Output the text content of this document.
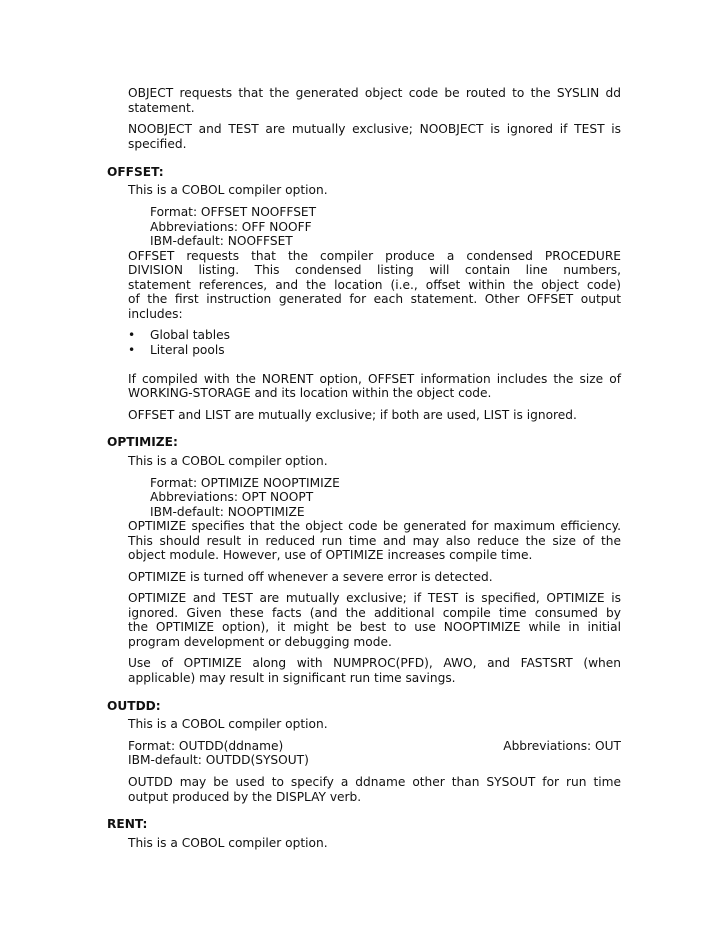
OBJECT requests that the generated object code be routed to the SYSLIN dd
statement.
NOOBJECT and TEST are mutually exclusive; NOOBJECT is ignored if TEST is
specified.
OFFSET:
This is a COBOL compiler option.
Format: OFFSET NOOFFSET
Abbreviations: OFF NOOFF
IBM-default: NOOFFSET
OFFSET requests that the compiler produce a condensed PROCEDURE
DIVISION listing. This condensed listing will contain line numbers,
statement references, and the location (i.e., offset within the object code)
of the first instruction generated for each statement. Other OFFSET output
includes:
• Global tables
• Literal pools
If compiled with the NORENT option, OFFSET information includes the size of
WORKING-STORAGE and its location within the object code.
OFFSET and LIST are mutually exclusive; if both are used, LIST is ignored.
OPTIMIZE:
This is a COBOL compiler option.
Format: OPTIMIZE NOOPTIMIZE
Abbreviations: OPT NOOPT
IBM-default: NOOPTIMIZE
OPTIMIZE specifies that the object code be generated for maximum efficiency.
This should result in reduced run time and may also reduce the size of the
object module. However, use of OPTIMIZE increases compile time.
OPTIMIZE is turned off whenever a severe error is detected.
OPTIMIZE and TEST are mutually exclusive; if TEST is specified, OPTIMIZE is
ignored. Given these facts (and the additional compile time consumed by
the OPTIMIZE option), it might be best to use NOOPTIMIZE while in initial
program development or debugging mode.
Use of OPTIMIZE along with NUMPROC(PFD), AWO, and FASTSRT (when
applicable) may result in significant run time savings.
OUTDD:
This is a COBOL compiler option.
Format: OUTDD(ddname)	Abbreviations: OUT
IBM-default: OUTDD(SYSOUT)
OUTDD may be used to specify a ddname other than SYSOUT for run time
output produced by the DISPLAY verb.
RENT:
This is a COBOL compiler option.
